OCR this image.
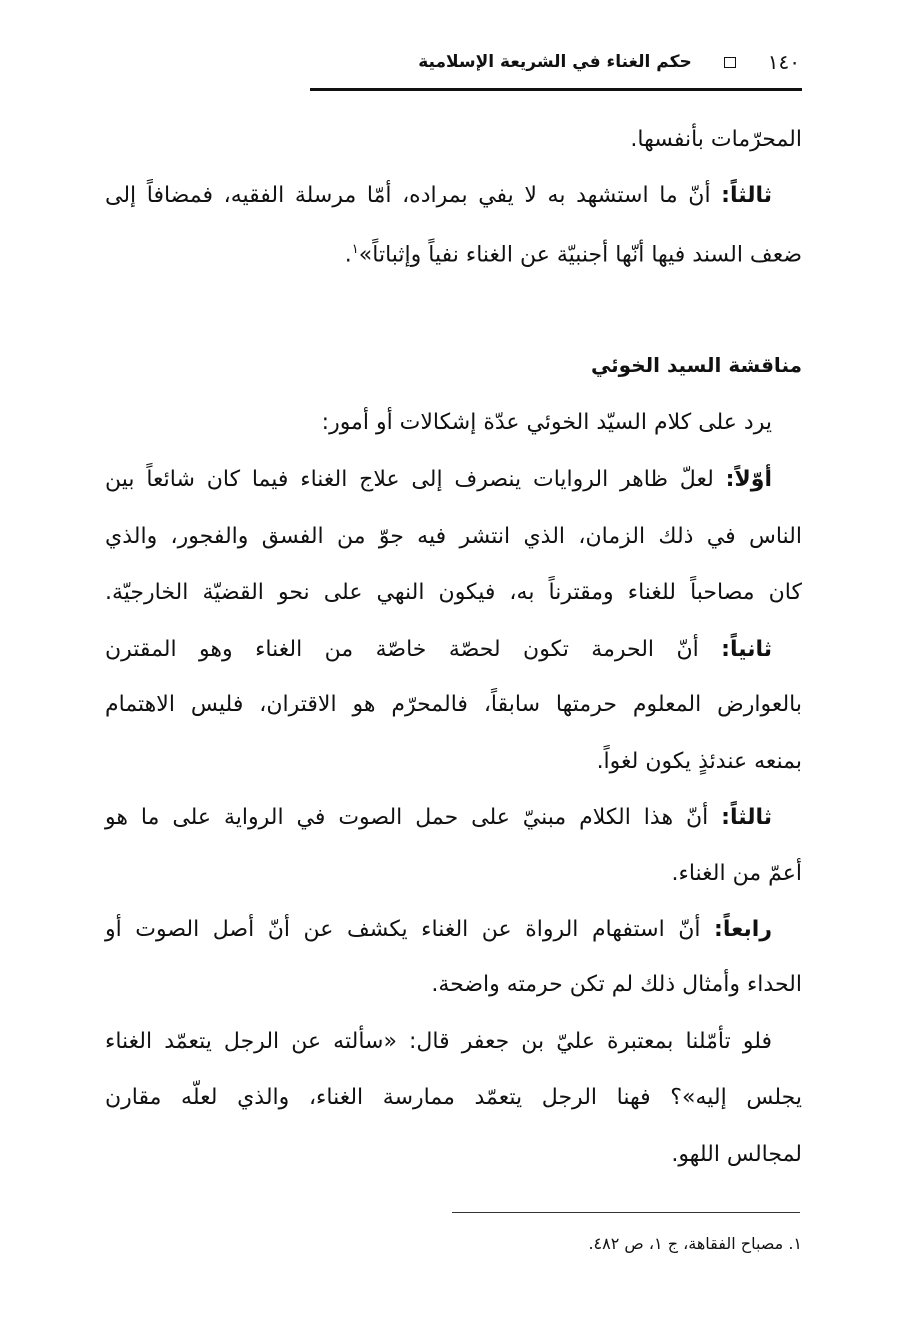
١٤٠
حكم الغناء في الشريعة الإسلامية
المحرّمات بأنفسها.
ثالثاً: أنّ ما استشهد به لا يفي بمراده، أمّا مرسلة الفقيه، فمضافاً إلى
ضعف السند فيها أنّها أجنبيّة عن الغناء نفياً وإثباتاً»$^١$.
مناقشة السيد الخوئي
يرد على كلام السيّد الخوئي عدّة إشكالات أو أمور:
أوّلاً: لعلّ ظاهر الروايات ينصرف إلى علاج الغناء فيما كان شائعاً بين
الناس في ذلك الزمان، الذي انتشر فيه جوّ من الفسق والفجور، والذي
كان مصاحباً للغناء ومقترناً به، فيكون النهي على نحو القضيّة الخارجيّة.
ثانياً: أنّ الحرمة تكون لحصّة خاصّة من الغناء وهو المقترن
بالعوارض المعلوم حرمتها سابقاً، فالمحرّم هو الاقتران، فليس الاهتمام
بمنعه عندئذٍ يكون لغواً.
ثالثاً: أنّ هذا الكلام مبنيّ على حمل الصوت في الرواية على ما هو
أعمّ من الغناء.
رابعاً: أنّ استفهام الرواة عن الغناء يكشف عن أنّ أصل الصوت أو
الحداء وأمثال ذلك لم تكن حرمته واضحة.
فلو تأمّلنا بمعتبرة عليّ بن جعفر قال: «سألته عن الرجل يتعمّد الغناء
يجلس إليه»؟ فهنا الرجل يتعمّد ممارسة الغناء، والذي لعلّه مقارن
لمجالس اللهو.
١. مصباح الفقاهة، ج ١، ص ٤٨٢.
